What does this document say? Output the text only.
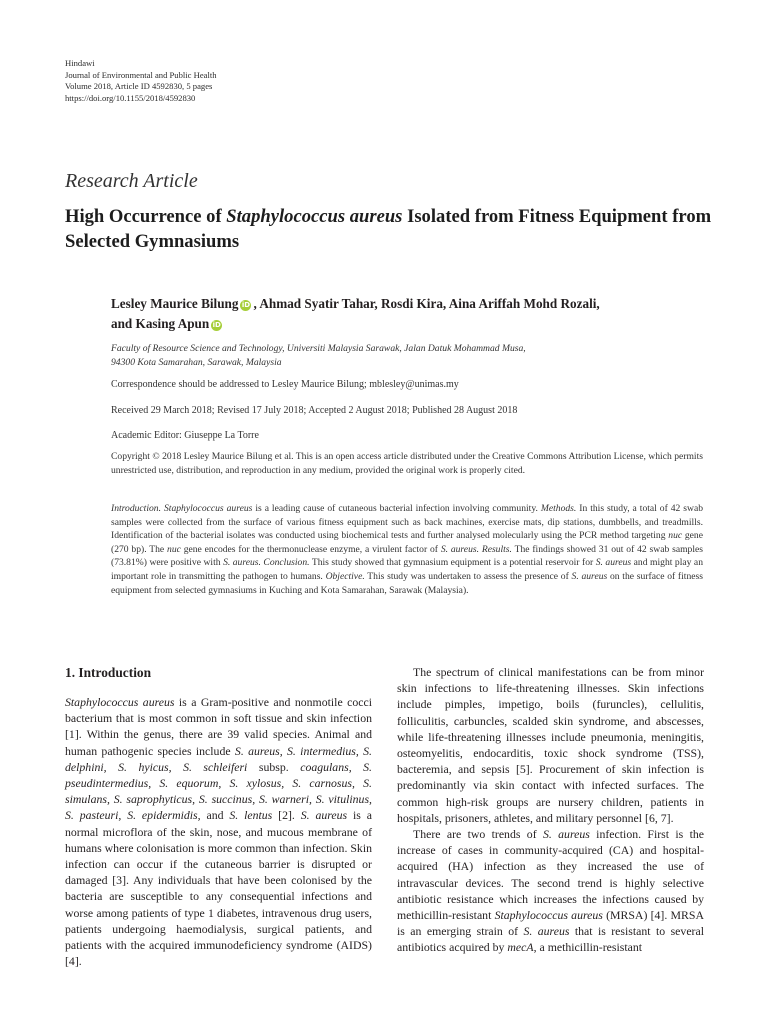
Hindawi
Journal of Environmental and Public Health
Volume 2018, Article ID 4592830, 5 pages
https://doi.org/10.1155/2018/4592830
Research Article
High Occurrence of Staphylococcus aureus Isolated from Fitness Equipment from Selected Gymnasiums
Lesley Maurice Bilung iD , Ahmad Syatir Tahar, Rosdi Kira, Aina Ariffah Mohd Rozali,
and Kasing Apun iD
Faculty of Resource Science and Technology, Universiti Malaysia Sarawak, Jalan Datuk Mohammad Musa,
94300 Kota Samarahan, Sarawak, Malaysia
Correspondence should be addressed to Lesley Maurice Bilung; mblesley@unimas.my
Received 29 March 2018; Revised 17 July 2018; Accepted 2 August 2018; Published 28 August 2018
Academic Editor: Giuseppe La Torre
Copyright © 2018 Lesley Maurice Bilung et al. This is an open access article distributed under the Creative Commons Attribution License, which permits unrestricted use, distribution, and reproduction in any medium, provided the original work is properly cited.
Introduction. Staphylococcus aureus is a leading cause of cutaneous bacterial infection involving community. Methods. In this study, a total of 42 swab samples were collected from the surface of various fitness equipment such as back machines, exercise mats, dip stations, dumbbells, and treadmills. Identification of the bacterial isolates was conducted using biochemical tests and further analysed molecularly using the PCR method targeting nuc gene (270 bp). The nuc gene encodes for the thermonuclease enzyme, a virulent factor of S. aureus. Results. The findings showed 31 out of 42 swab samples (73.81%) were positive with S. aureus. Conclusion. This study showed that gymnasium equipment is a potential reservoir for S. aureus and might play an important role in transmitting the pathogen to humans. Objective. This study was undertaken to assess the presence of S. aureus on the surface of fitness equipment from selected gymnasiums in Kuching and Kota Samarahan, Sarawak (Malaysia).
1. Introduction

Staphylococcus aureus is a Gram-positive and nonmotile cocci bacterium that is most common in soft tissue and skin infection [1]. Within the genus, there are 39 valid species. Animal and human pathogenic species include S. aureus, S. intermedius, S. delphini, S. hyicus, S. schleiferi subsp. coagulans, S. pseudintermedius, S. equorum, S. xylosus, S. carnosus, S. simulans, S. saprophyticus, S. succinus, S. warneri, S. vitulinus, S. pasteuri, S. epidermidis, and S. lentus [2]. S. aureus is a normal microflora of the skin, nose, and mucous membrane of humans where colonisation is more common than infection. Skin infection can occur if the cutaneous barrier is disrupted or damaged [3]. Any individuals that have been colonised by the bacteria are susceptible to any consequential infections and worse among patients of type 1 diabetes, intravenous drug users, patients undergoing haemodialysis, surgical patients, and patients with the acquired immunodeficiency syndrome (AIDS) [4].

The spectrum of clinical manifestations can be from minor skin infections to life-threatening illnesses. Skin infections include pimples, impetigo, boils (furuncles), cellulitis, folliculitis, carbuncles, scalded skin syndrome, and abscesses, while life-threatening illnesses include pneumonia, meningitis, osteomyelitis, endocarditis, toxic shock syndrome (TSS), bacteremia, and sepsis [5]. Procurement of skin infection is predominantly via skin contact with infected surfaces. The common high-risk groups are nursery children, patients in hospitals, prisoners, athletes, and military personnel [6, 7].

There are two trends of S. aureus infection. First is the increase of cases in community-acquired (CA) and hospital-acquired (HA) infection as they increased the use of intravascular devices. The second trend is highly selective antibiotic resistance which increases the infections caused by methicillin-resistant Staphylococcus aureus (MRSA) [4]. MRSA is an emerging strain of S. aureus that is resistant to several antibiotics acquired by mecA, a methicillin-resistant
